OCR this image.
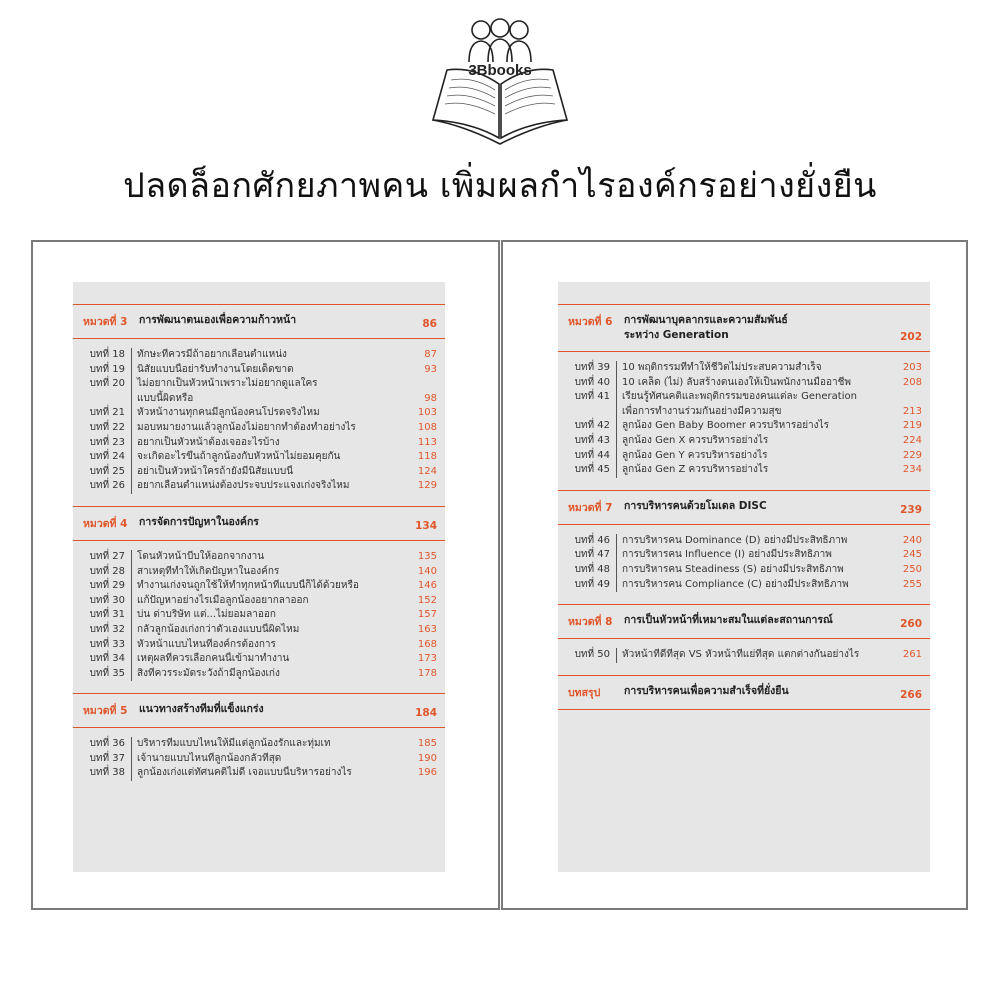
3Bbooks
ปลดล็อกศักยภาพคน เพิ่มผลกำไรองค์กรอย่างยั่งยืน
หมวดที่ 3	การพัฒนาตนเองเพื่อความก้าวหน้า	86
บทที่ 18	ทักษะที่ควรมีถ้าอยากเลื่อนตำแหน่ง	87
บทที่ 19	นิสัยแบบนี้อย่ารับทำงานโดยเด็ดขาด	93
บทที่ 20	ไม่อยากเป็นหัวหน้าเพราะไม่อยากดูแลใคร
แบบนี้ผิดหรือ	98
บทที่ 21	หัวหน้างานทุกคนมีลูกน้องคนโปรดจริงไหม	103
บทที่ 22	มอบหมายงานแล้วลูกน้องไม่อยากทำต้องทำอย่างไร	108
บทที่ 23	อยากเป็นหัวหน้าต้องเจออะไรบ้าง	113
บทที่ 24	จะเกิดอะไรขึ้นถ้าลูกน้องกับหัวหน้าไม่ยอมคุยกัน	118
บทที่ 25	อย่าเป็นหัวหน้าใครถ้ายังมีนิสัยแบบนี้	124
บทที่ 26	อยากเลื่อนตำแหน่งต้องประจบประแจงเก่งจริงไหม	129
หมวดที่ 4	การจัดการปัญหาในองค์กร	134
บทที่ 27	โดนหัวหน้าบีบให้ออกจากงาน	135
บทที่ 28	สาเหตุที่ทำให้เกิดปัญหาในองค์กร	140
บทที่ 29	ทำงานเก่งจนถูกใช้ให้ทำทุกหน้าที่แบบนี้ก็ได้ด้วยหรือ	146
บทที่ 30	แก้ปัญหาอย่างไรเมื่อลูกน้องอยากลาออก	152
บทที่ 31	บ่น ด่าบริษัท แต่...ไม่ยอมลาออก	157
บทที่ 32	กลัวลูกน้องเก่งกว่าตัวเองแบบนี้ผิดไหม	163
บทที่ 33	หัวหน้าแบบไหนที่องค์กรต้องการ	168
บทที่ 34	เหตุผลที่ควรเลือกคนนี้เข้ามาทำงาน	173
บทที่ 35	สิ่งที่ควรระมัดระวังถ้ามีลูกน้องเก่ง	178
หมวดที่ 5	แนวทางสร้างทีมที่แข็งแกร่ง	184
บทที่ 36	บริหารทีมแบบไหนให้มีแต่ลูกน้องรักและทุ่มเท	185
บทที่ 37	เจ้านายแบบไหนที่ลูกน้องกลัวที่สุด	190
บทที่ 38	ลูกน้องเก่งแต่ทัศนคติไม่ดี เจอแบบนี้บริหารอย่างไร	196
หมวดที่ 6	การพัฒนาบุคลากรและความสัมพันธ์
ระหว่าง Generation	202
บทที่ 39	10 พฤติกรรมที่ทำให้ชีวิตไม่ประสบความสำเร็จ	203
บทที่ 40	10 เคล็ด (ไม่) ลับสร้างตนเองให้เป็นพนักงานมืออาชีพ	208
บทที่ 41	เรียนรู้ทัศนคติและพฤติกรรมของคนแต่ละ Generation
เพื่อการทำงานร่วมกันอย่างมีความสุข	213
บทที่ 42	ลูกน้อง Gen Baby Boomer ควรบริหารอย่างไร	219
บทที่ 43	ลูกน้อง Gen X ควรบริหารอย่างไร	224
บทที่ 44	ลูกน้อง Gen Y ควรบริหารอย่างไร	229
บทที่ 45	ลูกน้อง Gen Z ควรบริหารอย่างไร	234
หมวดที่ 7	การบริหารคนด้วยโมเดล DISC	239
บทที่ 46	การบริหารคน Dominance (D) อย่างมีประสิทธิภาพ	240
บทที่ 47	การบริหารคน Influence (I) อย่างมีประสิทธิภาพ	245
บทที่ 48	การบริหารคน Steadiness (S) อย่างมีประสิทธิภาพ	250
บทที่ 49	การบริหารคน Compliance (C) อย่างมีประสิทธิภาพ	255
หมวดที่ 8	การเป็นหัวหน้าที่เหมาะสมในแต่ละสถานการณ์	260
บทที่ 50	หัวหน้าที่ดีที่สุด VS หัวหน้าที่แย่ที่สุด แตกต่างกันอย่างไร	261
บทสรุป	การบริหารคนเพื่อความสำเร็จที่ยั่งยืน	266
